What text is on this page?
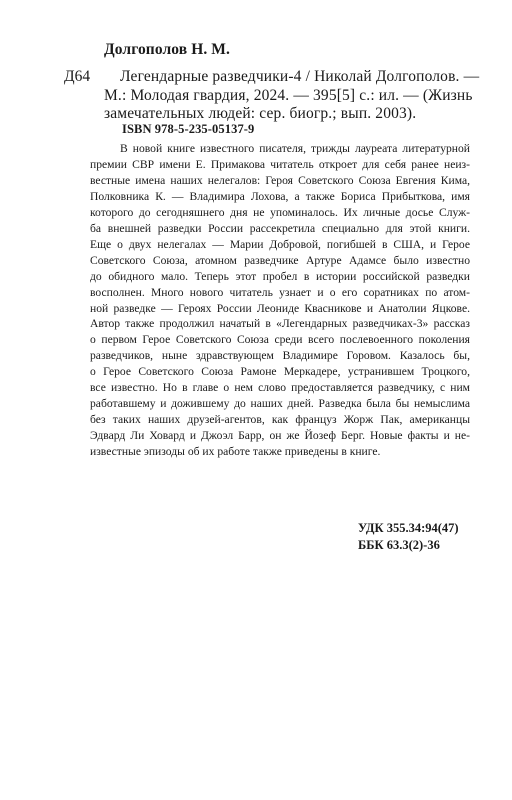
Долгополов Н. М.
Д64 Легендарные разведчики-4 / Николай Долгополов. —
М.: Молодая гвардия, 2024. — 395[5] с.: ил. — (Жизнь
замечательных людей: сер. биогр.; вып. 2003).
ISBN 978-5-235-05137-9
В новой книге известного писателя, трижды лауреата литературной
премии СВР имени Е. Примакова читатель откроет для себя ранее неиз-
вестные имена наших нелегалов: Героя Советского Союза Евгения Кима,
Полковника К. — Владимира Лохова, а также Бориса Прибыткова, имя
которого до сегодняшнего дня не упоминалось. Их личные досье Служ-
ба внешней разведки России рассекретила специально для этой книги.
Еще о двух нелегалах — Марии Добровой, погибшей в США, и Герое
Советского Союза, атомном разведчике Артуре Адамсе было известно
до обидного мало. Теперь этот пробел в истории российской разведки
восполнен. Много нового читатель узнает и о его соратниках по атом-
ной разведке — Героях России Леониде Квасникове и Анатолии Яцкове.
Автор также продолжил начатый в «Легендарных разведчиках-3» рассказ
о первом Герое Советского Союза среди всего послевоенного поколения
разведчиков, ныне здравствующем Владимире Горовом. Казалось бы,
о Герое Советского Союза Рамоне Меркадере, устранившем Троцкого,
все известно. Но в главе о нем слово предоставляется разведчику, с ним
работавшему и дожившему до наших дней. Разведка была бы немыслима
без таких наших друзей-агентов, как француз Жорж Пак, американцы
Эдвард Ли Ховард и Джоэл Барр, он же Йозеф Берг. Новые факты и не-
известные эпизоды об их работе также приведены в книге.
УДК 355.34:94(47)
ББК 63.3(2)-36
